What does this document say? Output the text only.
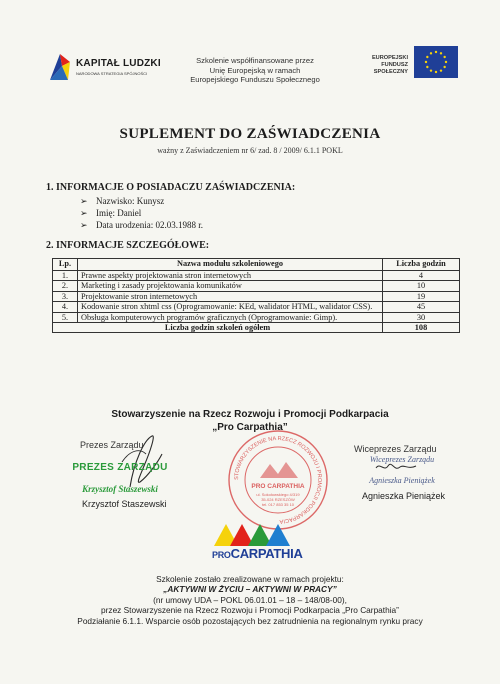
KAPITAŁ LUDZKI
NARODOWA STRATEGIA SPÓJNOŚCI
Szkolenie współfinansowane przez
Unię Europejską w ramach
Europejskiego Funduszu Społecznego
EUROPEJSKI
FUNDUSZ SPOŁECZNY
SUPLEMENT DO ZAŚWIADCZENIA
ważny z Zaświadczeniem nr 6/ zad. 8 / 2009/ 6.1.1 POKL
1. INFORMACJE O POSIADACZU ZAŚWIADCZENIA:
➢ Nazwisko: Kunysz
➢ Imię: Daniel
➢ Data urodzenia: 02.03.1988 r.
2. INFORMACJE SZCZEGÓŁOWE:
Lp.	Nazwa modułu szkoleniowego	Liczba godzin
1.	Prawne aspekty projektowania stron internetowych	4
2.	Marketing i zasady projektowania komunikatów	10
3.	Projektowanie stron internetowych	19
4.	Kodowanie stron xhtml css (Oprogramowanie: KEd, walidator HTML, walidator CSS).	45
5.	Obsługa komputerowych programów graficznych (Oprogramowanie: Gimp).	30
Liczba godzin szkoleń ogółem		108
Stowarzyszenie na Rzecz Rozwoju i Promocji Podkarpacia
„Pro Carpathia”
Prezes Zarządu
PREZES ZARZĄDU
Krzysztof Staszewski
Krzysztof Staszewski
STOWARZYSZENIE NA RZECZ ROZWOJU I PROMOCJI PODKARPACIA
PRO CARPATHIA
ul. Sokołowskiego 4/319
35-024 RZESZÓW
tel. 017 853 35 10
Wiceprezes Zarządu
Wiceprezes Zarządu
Agnieszka Pieniążek
Agnieszka Pieniążek
PROCARPATHIA
Szkolenie zostało zrealizowane w ramach projektu:
„AKTYWNI W ŻYCIU – AKTYWNI W PRACY”
(nr umowy UDA – POKL 06.01.01 – 18 – 148/08-00),
przez Stowarzyszenie na Rzecz Rozwoju i Promocji Podkarpacia „Pro Carpathia”
Podziałanie 6.1.1. Wsparcie osób pozostających bez zatrudnienia na regionalnym rynku pracy
